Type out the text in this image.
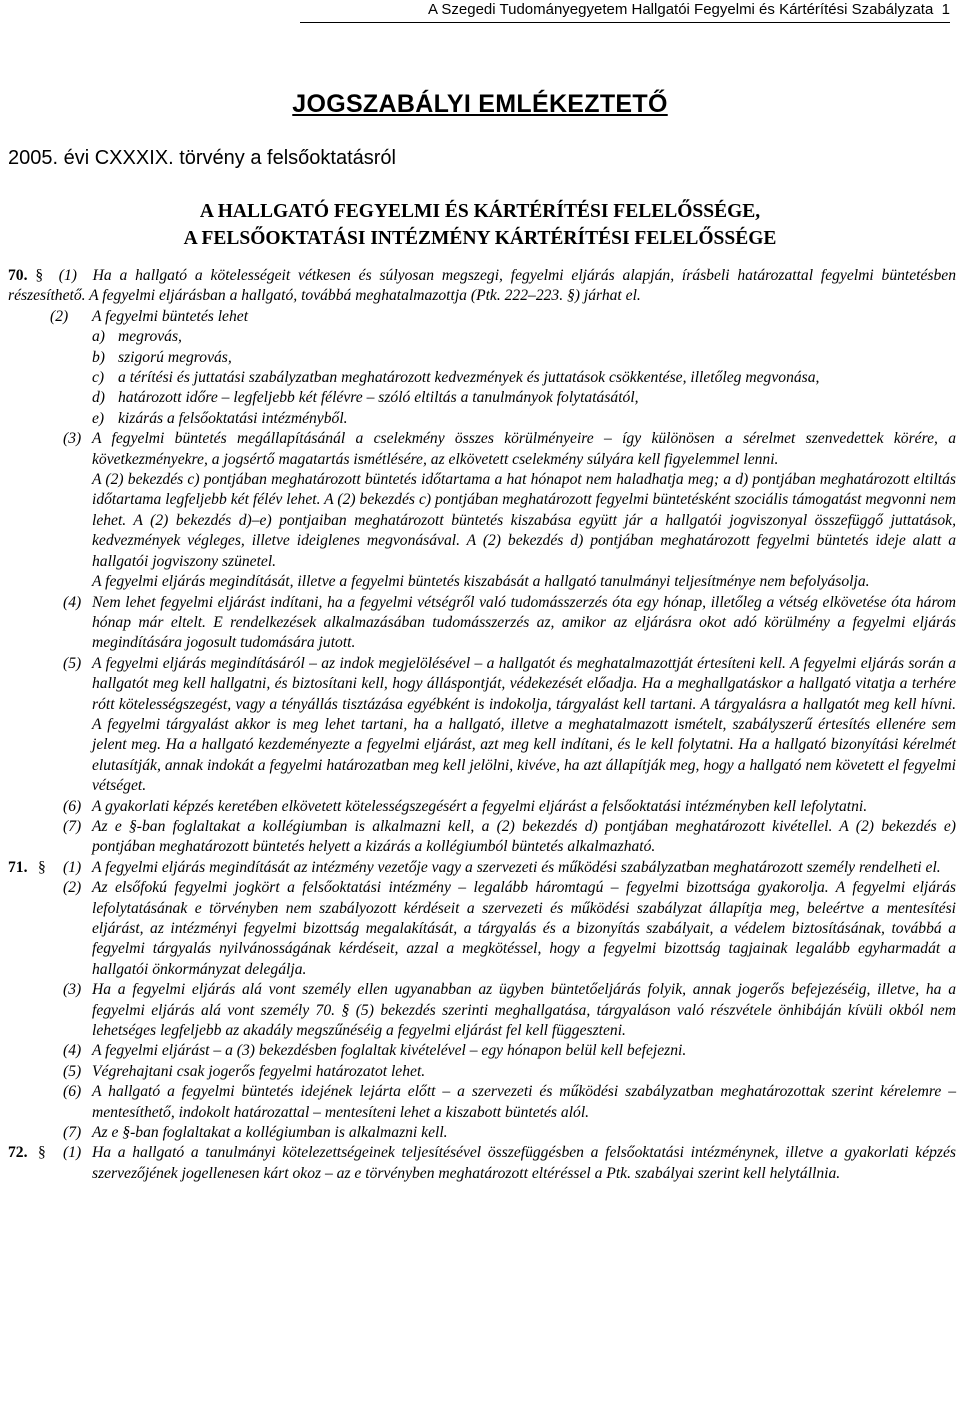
A Szegedi Tudományegyetem Hallgatói Fegyelmi és Kártérítési Szabályzata 1
JOGSZABÁLYI EMLÉKEZTETŐ
2005. évi CXXXIX. törvény a felsőoktatásról
A HALLGATÓ FEGYELMI ÉS KÁRTÉRÍTÉSI FELELŐSSÉGE,
A FELSŐOKTATÁSI INTÉZMÉNY KÁRTÉRÍTÉSI FELELŐSSÉGE

70. § (1) Ha a hallgató a kötelességeit vétkesen és súlyosan megszegi, fegyelmi eljárás alapján, írásbeli határozattal fegyelmi büntetésben részesíthető. A fegyelmi eljárásban a hallgató, továbbá meghatalmazottja (Ptk. 222–223. §) járhat el.

(2) A fegyelmi büntetés lehet

a) megrovás,

b) szigorú megrovás,

c) a térítési és juttatási szabályzatban meghatározott kedvezmények és juttatások csökkentése, illetőleg megvonása,

d) határozott időre – legfeljebb két félévre – szóló eltiltás a tanulmányok folytatásától,

e) kizárás a felsőoktatási intézményből.

(3) A fegyelmi büntetés megállapításánál a cselekmény összes körülményeire – így különösen a sérelmet szenvedettek körére, a következményekre, a jogsértő magatartás ismétlésére, az elkövetett cselekmény súlyára kell figyelemmel lenni.

A (2) bekezdés c) pontjában meghatározott büntetés időtartama a hat hónapot nem haladhatja meg; a d) pontjában meghatározott eltiltás időtartama legfeljebb két félév lehet. A (2) bekezdés c) pontjában meghatározott fegyelmi büntetésként szociális támogatást megvonni nem lehet. A (2) bekezdés d)–e) pontjaiban meghatározott büntetés kiszabása együtt jár a hallgatói jogviszonyal összefüggő juttatások, kedvezmények végleges, illetve ideiglenes megvonásával. A (2) bekezdés d) pontjában meghatározott fegyelmi büntetés ideje alatt a hallgatói jogviszony szünetel.

A fegyelmi eljárás megindítását, illetve a fegyelmi büntetés kiszabását a hallgató tanulmányi teljesítménye nem befolyásolja.

(4) Nem lehet fegyelmi eljárást indítani, ha a fegyelmi vétségről való tudomásszerzés óta egy hónap, illetőleg a vétség elkövetése óta három hónap már eltelt. E rendelkezések alkalmazásában tudomásszerzés az, amikor az eljárásra okot adó körülmény a fegyelmi eljárás megindítására jogosult tudomására jutott.

(5) A fegyelmi eljárás megindításáról – az indok megjelölésével – a hallgatót és meghatalmazottját értesíteni kell. A fegyelmi eljárás során a hallgatót meg kell hallgatni, és biztosítani kell, hogy álláspontját, védekezését előadja. Ha a meghallgatáskor a hallgató vitatja a terhére rótt kötelességszegést, vagy a tényállás tisztázása egyébként is indokolja, tárgyalást kell tartani. A tárgyalásra a hallgatót meg kell hívni. A fegyelmi tárgyalást akkor is meg lehet tartani, ha a hallgató, illetve a meghatalmazott ismételt, szabályszerű értesítés ellenére sem jelent meg. Ha a hallgató kezdeményezte a fegyelmi eljárást, azt meg kell indítani, és le kell folytatni. Ha a hallgató bizonyítási kérelmét elutasítják, annak indokát a fegyelmi határozatban meg kell jelölni, kivéve, ha azt állapítják meg, hogy a hallgató nem követett el fegyelmi vétséget.

(6) A gyakorlati képzés keretében elkövetett kötelességszegésért a fegyelmi eljárást a felsőoktatási intézményben kell lefolytatni.

(7) Az e §-ban foglaltakat a kollégiumban is alkalmazni kell, a (2) bekezdés d) pontjában meghatározott kivétellel. A (2) bekezdés e) pontjában meghatározott büntetés helyett a kizárás a kollégiumból büntetés alkalmazható.

71. § (1) A fegyelmi eljárás megindítását az intézmény vezetője vagy a szervezeti és működési szabályzatban meghatározott személy rendelheti el.

(2) Az elsőfokú fegyelmi jogkört a felsőoktatási intézmény – legalább háromtagú – fegyelmi bizottsága gyakorolja. A fegyelmi eljárás lefolytatásának e törvényben nem szabályozott kérdéseit a szervezeti és működési szabályzat állapítja meg, beleértve a mentesítési eljárást, az intézményi fegyelmi bizottság megalakítását, a tárgyalás és a bizonyítás szabályait, a védelem biztosításának, továbbá a fegyelmi tárgyalás nyilvánosságának kérdéseit, azzal a megkötéssel, hogy a fegyelmi bizottság tagjainak legalább egyharmadát a hallgatói önkormányzat delegálja.

(3) Ha a fegyelmi eljárás alá vont személy ellen ugyanabban az ügyben büntetőeljárás folyik, annak jogerős befejezéséig, illetve, ha a fegyelmi eljárás alá vont személy 70. § (5) bekezdés szerinti meghallgatása, tárgyaláson való részvétele önhibáján kívüli okból nem lehetséges legfeljebb az akadály megszűnéséig a fegyelmi eljárást fel kell függeszteni.

(4) A fegyelmi eljárást – a (3) bekezdésben foglaltak kivételével – egy hónapon belül kell befejezni.

(5) Végrehajtani csak jogerős fegyelmi határozatot lehet.

(6) A hallgató a fegyelmi büntetés idejének lejárta előtt – a szervezeti és működési szabályzatban meghatározottak szerint kérelemre – mentesíthető, indokolt határozattal – mentesíteni lehet a kiszabott büntetés alól.

(7) Az e §-ban foglaltakat a kollégiumban is alkalmazni kell.

72. § (1) Ha a hallgató a tanulmányi kötelezettségeinek teljesítésével összefüggésben a felsőoktatási intézménynek, illetve a gyakorlati képzés szervezőjének jogellenesen kárt okoz – az e törvényben meghatározott eltéréssel a Ptk. szabályai szerint kell helytállnia.
